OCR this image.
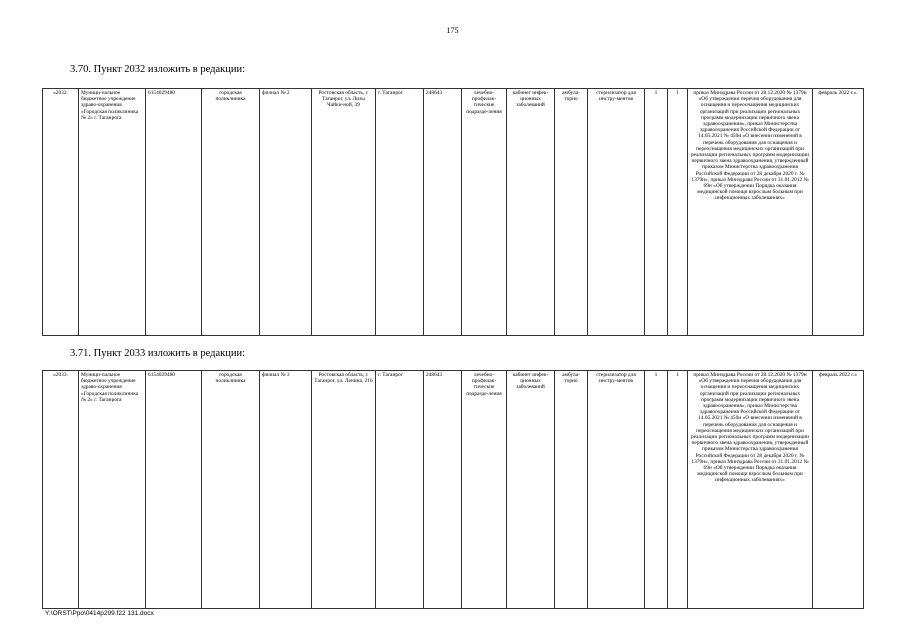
175
3.70. Пункт 2032 изложить в редакции:
«2032.	Муници-пальное бюджетное учреждение здраво-охранения «Городская поликлиника № 2» г. Таганрога	6154029480	городская поликлиника	филиал № 2	Ростовская область, г. Таганрог, ул. Лизы Чайки-ной, 39	г. Таганрог	248643	лечебно-профилак-тические подразде-ления	кабинет инфек-ционных заболеваний	амбула-торно	стерилизатор для инстру-ментов	1	1	приказ Минздрава России от 28.12.2020 № 1379н «Об утверждении перечня оборудования для оснащения и переоснащения медицинских организаций при реализации региональных программ модернизации первичного звена здравоохранения», приказ Министерства здравоохранения Российской Федерации от 14.05.2021 № 450н «О внесении изменений в перечень оборудования для оснащения и переоснащения медицинских организаций при реализации региональных программ модернизации первичного звена здравоохранения, утвержденный приказом Министерства здравоохранения Российской Федерации от 28 декабря 2020 г. № 1379н», приказ Минздрава России от 31.01.2012 № 69н «Об утверждении Порядка оказания медицинской помощи взрослым больным при инфекционных заболеваниях»	февраль 2022 г.».
3.71. Пункт 2033 изложить в редакции:
«2033.	Муници-пальное бюджетное учреждение здраво-охранения «Городская поликлиника № 2» г. Таганрога	6154029480	городская поликлиника	филиал № 3	Ростовская область, г. Таганрог, ул. Ленина, 216	г. Таганрог	248643	лечебно-профилак-тические подразде-ления	кабинет инфек-ционных заболеваний	амбула-торно	стерилизатор для инстру-ментов	1	1	приказ Минздрава России от 28.12.2020 № 1379н «Об утверждении перечня оборудования для оснащения и переоснащения медицинских организаций при реализации региональных программ модернизации первичного звена здравоохранения», приказ Министерства здравоохранения Российской Федерации от 14.05.2021 № 450н «О внесении изменений в перечень оборудования для оснащения и переоснащения медицинских организаций при реализации региональных программ модернизации первичного звена здравоохранения, утвержденный приказом Министерства здравоохранения Российской Федерации от 28 декабря 2020 г. № 1379н», приказ Минздрава России от 31.01.2012 № 69н «Об утверждении Порядка оказания медицинской помощи взрослым больным при инфекционных заболеваниях»	февраль 2022 г.»
Y:\ORST\Ppo\0414p299.f22 131.docx
